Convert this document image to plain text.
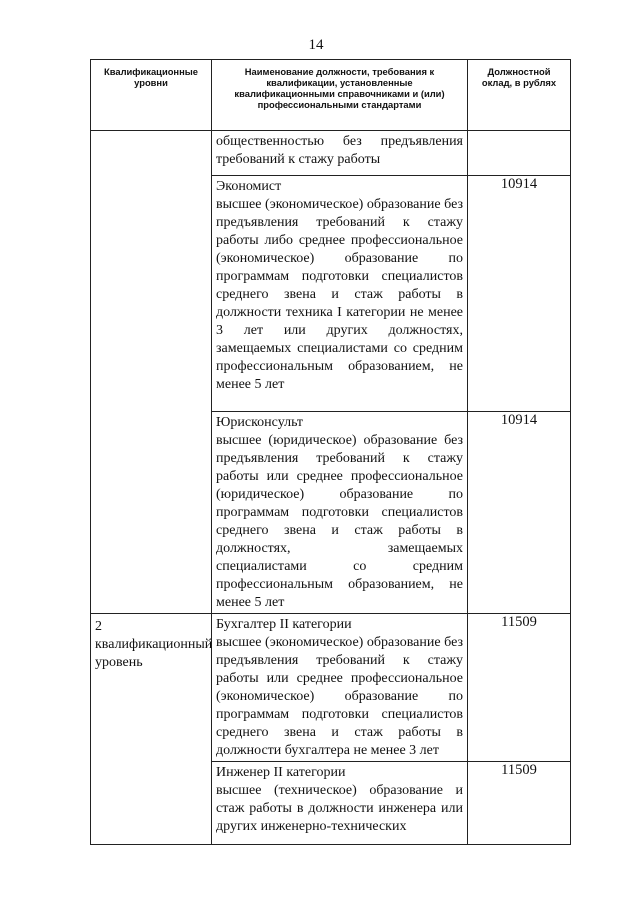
14
Квалификационные уровни	Наименование должности, требования к квалификации, установленные квалификационными справочниками и (или) профессиональными стандартами	Должностной оклад, в рублях

	общественностью без предъявления требований к стажу работы	

	Экономист
высшее (экономическое) образование без предъявления требований к стажу работы либо среднее профессиональное (экономическое) образование по программам подготовки специалистов среднего звена и стаж работы в должности техника I категории не менее 3 лет или других должностях, замещаемых специалистами со средним профессиональным образованием, не менее 5 лет	10914

	Юрисконсульт
высшее (юридическое) образование без предъявления требований к стажу работы или среднее профессиональное (юридическое) образование по программам подготовки специалистов среднего звена и стаж работы в должностях, замещаемых специалистами со средним профессиональным образованием, не менее 5 лет	10914

2
квалификационный уровень	Бухгалтер II категории
высшее (экономическое) образование без предъявления требований к стажу работы или среднее профессиональное (экономическое) образование по программам подготовки специалистов среднего звена и стаж работы в должности бухгалтера не менее 3 лет	11509

	Инженер II категории
высшее (техническое) образование и стаж работы в должности инженера или других инженерно-технических	11509
